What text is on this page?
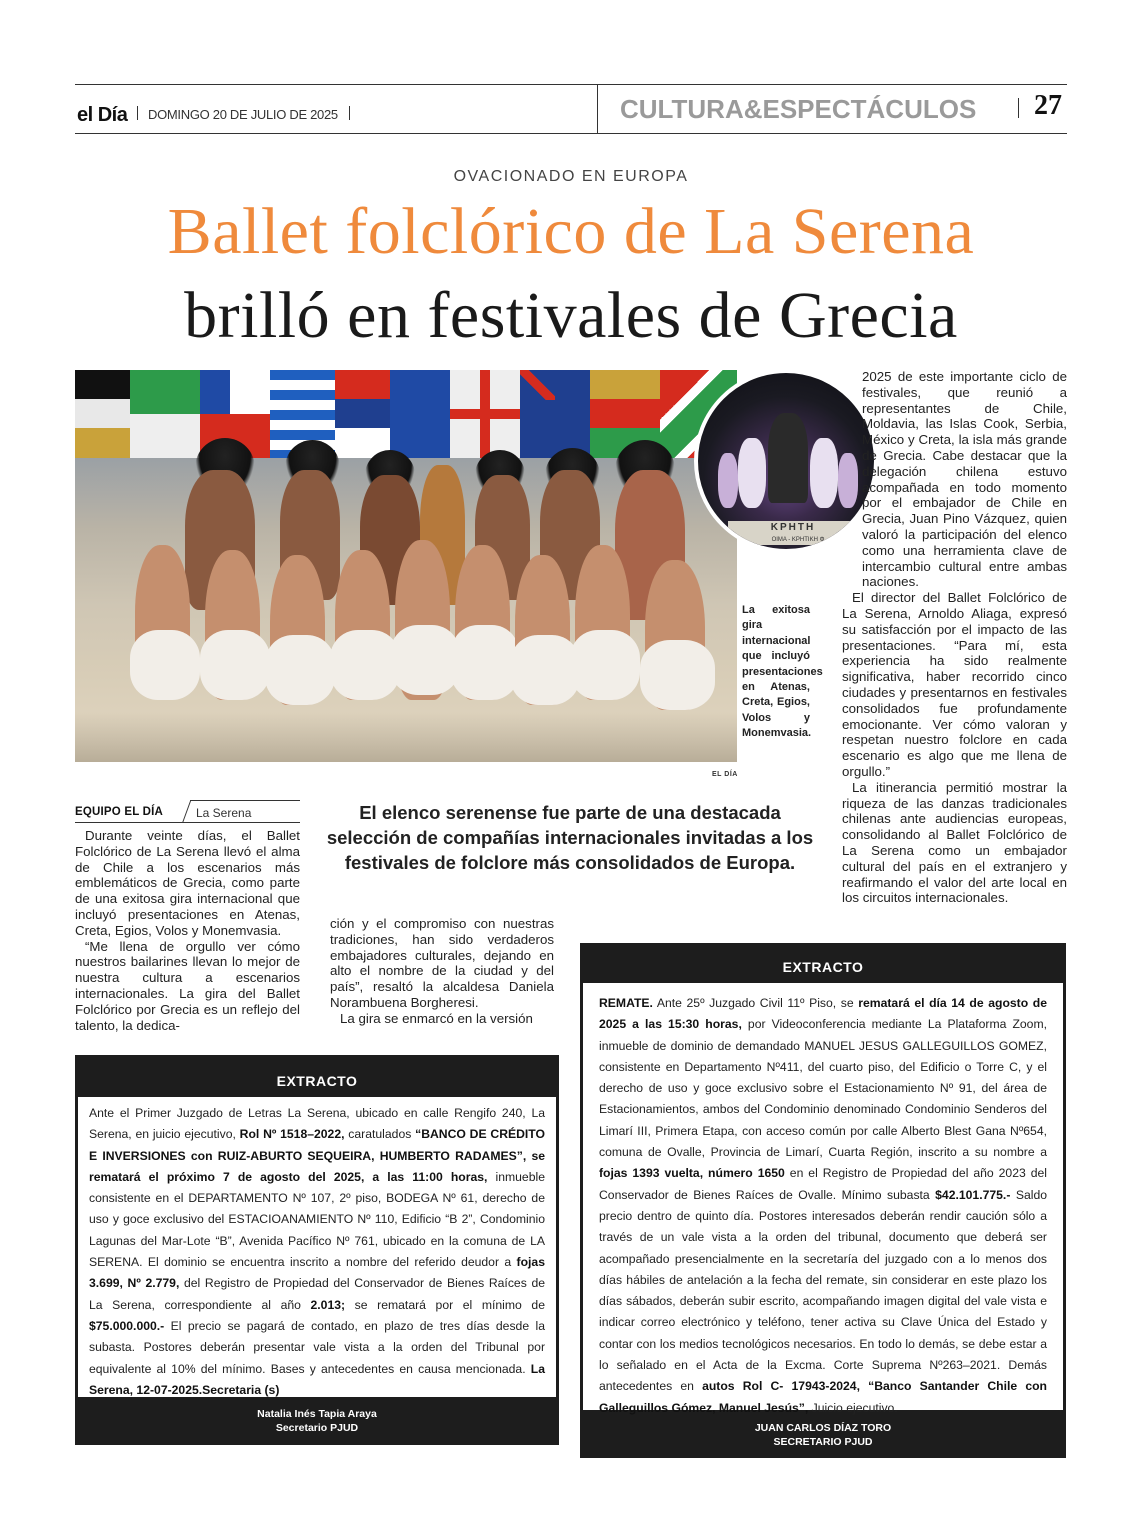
el Día DOMINGO 20 DE JULIO DE 2025	CULTURA&ESPECTÁCULOS 27
OVACIONADO EN EUROPA
Ballet folclórico de La Serena
brilló en festivales de Grecia
ΚΡΗΤΗ
ΟΙΜΑ - ΚΡΗΤΙΚΗ Φ
La exitosa gira internacional que incluyó presentaciones en Atenas, Creta, Egios, Volos y Monemvasia.
EL DÍA

2025 de este importante ciclo de festivales, que reunió a representantes de Chile, Moldavia, las Islas Cook, Serbia, México y Creta, la isla más grande de Grecia. Cabe destacar que la delegación chilena estuvo acompañada en todo momento por el embajador de Chile en Grecia, Juan Pino Vázquez, quien valoró la participación del elenco como una herramienta clave de intercambio cultural entre ambas naciones.

El director del Ballet Folclórico de La Serena, Arnoldo Aliaga, expresó su satisfacción por el impacto de las presentaciones. “Para mí, esta experiencia ha sido realmente significativa, haber recorrido cinco ciudades y presentarnos en festivales consolidados fue profundamente emocionante. Ver cómo valoran y respetan nuestro folclore en cada escenario es algo que me llena de orgullo.”

La itinerancia permitió mostrar la riqueza de las danzas tradicionales chilenas ante audiencias europeas, consolidando al Ballet Folclórico de La Serena como un embajador cultural del país en el extranjero y reafirmando el valor del arte local en los circuitos internacionales.

EQUIPO EL DÍA	La Serena

Durante veinte días, el Ballet Folclórico de La Serena llevó el alma de Chile a los escenarios más emblemáticos de Grecia, como parte de una exitosa gira internacional que incluyó presentaciones en Atenas, Creta, Egios, Volos y Monemvasia.

“Me llena de orgullo ver cómo nuestros bailarines llevan lo mejor de nuestra cultura a escenarios internacionales. La gira del Ballet Folclórico por Grecia es un reflejo del talento, la dedica-

El elenco serenense fue parte de una destacada selección de compañías internacionales invitadas a los festivales de folclore más consolidados de Europa.

ción y el compromiso con nuestras tradiciones, han sido verdaderos embajadores culturales, dejando en alto el nombre de la ciudad y del país”, resaltó la alcaldesa Daniela Norambuena Borgheresi.

La gira se enmarcó en la versión

EXTRACTO
Ante el Primer Juzgado de Letras La Serena, ubicado en calle Rengifo 240, La Serena, en juicio ejecutivo, Rol Nº 1518–2022, caratulados “BANCO DE CRÉDITO E INVERSIONES con RUIZ-ABURTO SEQUEIRA, HUMBERTO RADAMES”, se rematará el próximo 7 de agosto del 2025, a las 11:00 horas, inmueble consistente en el DEPARTAMENTO Nº 107, 2º piso, BODEGA Nº 61, derecho de uso y goce exclusivo del ESTACIOANAMIENTO Nº 110, Edificio “B 2”, Condominio Lagunas del Mar-Lote “B”, Avenida Pacífico Nº 761, ubicado en la comuna de LA SERENA. El dominio se encuentra inscrito a nombre del referido deudor a fojas 3.699, Nº 2.779, del Registro de Propiedad del Conservador de Bienes Raíces de La Serena, correspondiente al año 2.013; se rematará por el mínimo de $75.000.000.- El precio se pagará de contado, en plazo de tres días desde la subasta. Postores deberán presentar vale vista a la orden del Tribunal por equivalente al 10% del mínimo. Bases y antecedentes en causa mencionada. La Serena, 12-07-2025.Secretaria (s)
Natalia Inés Tapia Araya
Secretario PJUD
EXTRACTO
REMATE. Ante 25º Juzgado Civil 11º Piso, se rematará el día 14 de agosto de 2025 a las 15:30 horas, por Videoconferencia mediante La Plataforma Zoom, inmueble de dominio de demandado MANUEL JESUS GALLEGUILLOS GOMEZ, consistente en Departamento Nº411, del cuarto piso, del Edificio o Torre C, y el derecho de uso y goce exclusivo sobre el Estacionamiento Nº 91, del área de Estacionamientos, ambos del Condominio denominado Condominio Senderos del Limarí III, Primera Etapa, con acceso común por calle Alberto Blest Gana Nº654, comuna de Ovalle, Provincia de Limarí, Cuarta Región, inscrito a su nombre a fojas 1393 vuelta, número 1650 en el Registro de Propiedad del año 2023 del Conservador de Bienes Raíces de Ovalle. Mínimo subasta $42.101.775.- Saldo precio dentro de quinto día. Postores interesados deberán rendir caución sólo a través de un vale vista a la orden del tribunal, documento que deberá ser acompañado presencialmente en la secretaría del juzgado con a lo menos dos días hábiles de antelación a la fecha del remate, sin considerar en este plazo los días sábados, deberán subir escrito, acompañando imagen digital del vale vista e indicar correo electrónico y teléfono, tener activa su Clave Única del Estado y contar con los medios tecnológicos necesarios. En todo lo demás, se debe estar a lo señalado en el Acta de la Excma. Corte Suprema Nº263–2021. Demás antecedentes en autos Rol C- 17943-2024, “Banco Santander Chile con Galleguillos Gómez, Manuel Jesús”, Juicio ejecutivo.
JUAN CARLOS DÍAZ TORO
SECRETARIO PJUD
